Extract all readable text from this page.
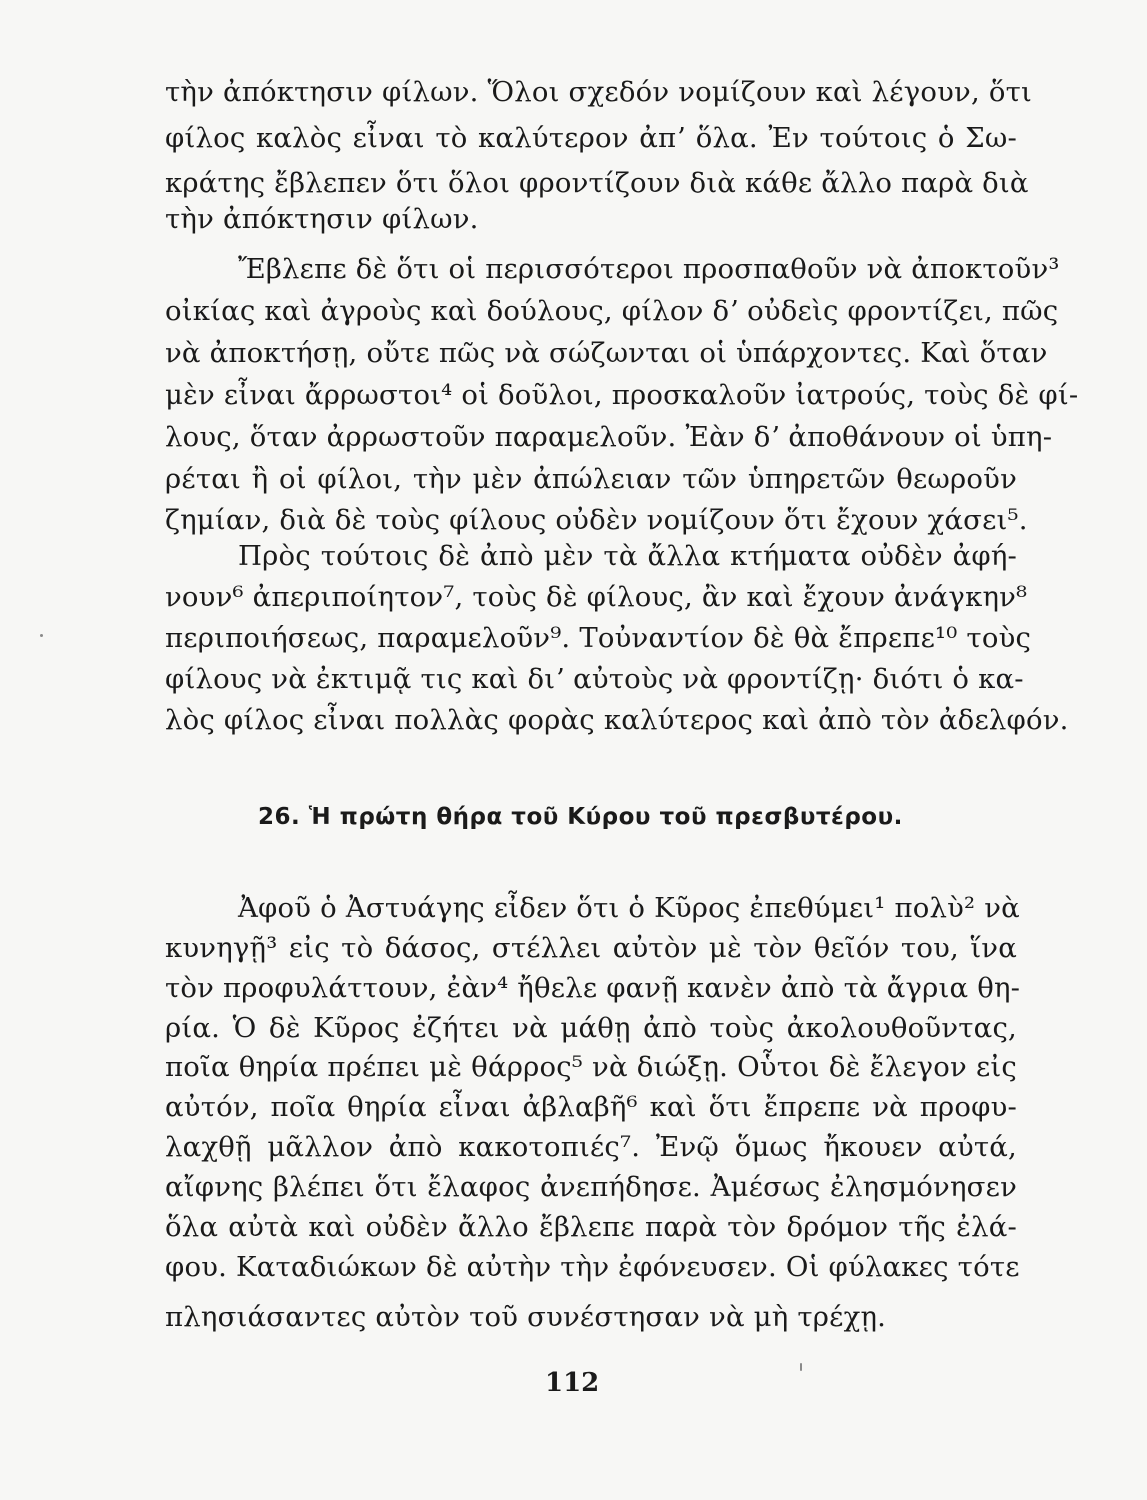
τὴν ἀπόκτησιν φίλων. Ὅλοι σχεδόν νομίζουν καὶ λέγουν, ὅτι
φίλος καλὸς εἶναι τὸ καλύτερον ἀπʼ ὅλα. Ἐν τούτοις ὁ Σω-
κράτης ἔβλεπεν ὅτι ὅλοι φροντίζουν διὰ κάθε ἄλλο παρὰ διὰ
τὴν ἀπόκτησιν φίλων.
Ἔβλεπε δὲ ὅτι οἱ περισσότεροι προσπαθοῦν νὰ ἀποκτοῦν³
οἰκίας καὶ ἀγροὺς καὶ δούλους, φίλον δʼ οὐδεὶς φροντίζει, πῶς
νὰ ἀποκτήσῃ, οὔτε πῶς νὰ σώζωνται οἱ ὑπάρχοντες. Καὶ ὅταν
μὲν εἶναι ἄρρωστοι⁴ οἱ δοῦλοι, προσκαλοῦν ἰατρούς, τοὺς δὲ φί-
λους, ὅταν ἀρρωστοῦν παραμελοῦν. Ἐὰν δʼ ἀποθάνουν οἱ ὑπη-
ρέται ἢ οἱ φίλοι, τὴν μὲν ἀπώλειαν τῶν ὑπηρετῶν θεωροῦν
ζημίαν, διὰ δὲ τοὺς φίλους οὐδὲν νομίζουν ὅτι ἔχουν χάσει⁵.
Πρὸς τούτοις δὲ ἀπὸ μὲν τὰ ἄλλα κτήματα οὐδὲν ἀφή-
νουν⁶ ἀπεριποίητον⁷, τοὺς δὲ φίλους, ἂν καὶ ἔχουν ἀνάγκην⁸
περιποιήσεως, παραμελοῦν⁹. Τοὐναντίον δὲ θὰ ἔπρεπε¹⁰ τοὺς
φίλους νὰ ἐκτιμᾷ τις καὶ διʼ αὐτοὺς νὰ φροντίζῃ· διότι ὁ κα-
λὸς φίλος εἶναι πολλὰς φορὰς καλύτερος καὶ ἀπὸ τὸν ἀδελφόν.
26. Ἡ πρώτη θήρα τοῦ Κύρου τοῦ πρεσβυτέρου.
Ἀφοῦ ὁ Ἀστυάγης εἶδεν ὅτι ὁ Κῦρος ἐπεθύμει¹ πολὺ² νὰ
κυνηγῇ³ εἰς τὸ δάσος, στέλλει αὐτὸν μὲ τὸν θεῖόν του, ἵνα
τὸν προφυλάττουν, ἐὰν⁴ ἤθελε φανῇ κανὲν ἀπὸ τὰ ἄγρια θη-
ρία. Ὁ δὲ Κῦρος ἐζήτει νὰ μάθῃ ἀπὸ τοὺς ἀκολουθοῦντας,
ποῖα θηρία πρέπει μὲ θάρρος⁵ νὰ διώξῃ. Οὗτοι δὲ ἔλεγον εἰς
αὐτόν, ποῖα θηρία εἶναι ἀβλαβῆ⁶ καὶ ὅτι ἔπρεπε νὰ προφυ-
λαχθῇ μᾶλλον ἀπὸ κακοτοπιές⁷. Ἐνῷ ὅμως ἤκουεν αὐτά,
αἴφνης βλέπει ὅτι ἔλαφος ἀνεπήδησε. Ἀμέσως ἐλησμόνησεν
ὅλα αὐτὰ καὶ οὐδὲν ἄλλο ἔβλεπε παρὰ τὸν δρόμον τῆς ἐλά-
φου. Καταδιώκων δὲ αὐτὴν τὴν ἐφόνευσεν. Οἱ φύλακες τότε
πλησιάσαντες αὐτὸν τοῦ συνέστησαν νὰ μὴ τρέχῃ.
112
